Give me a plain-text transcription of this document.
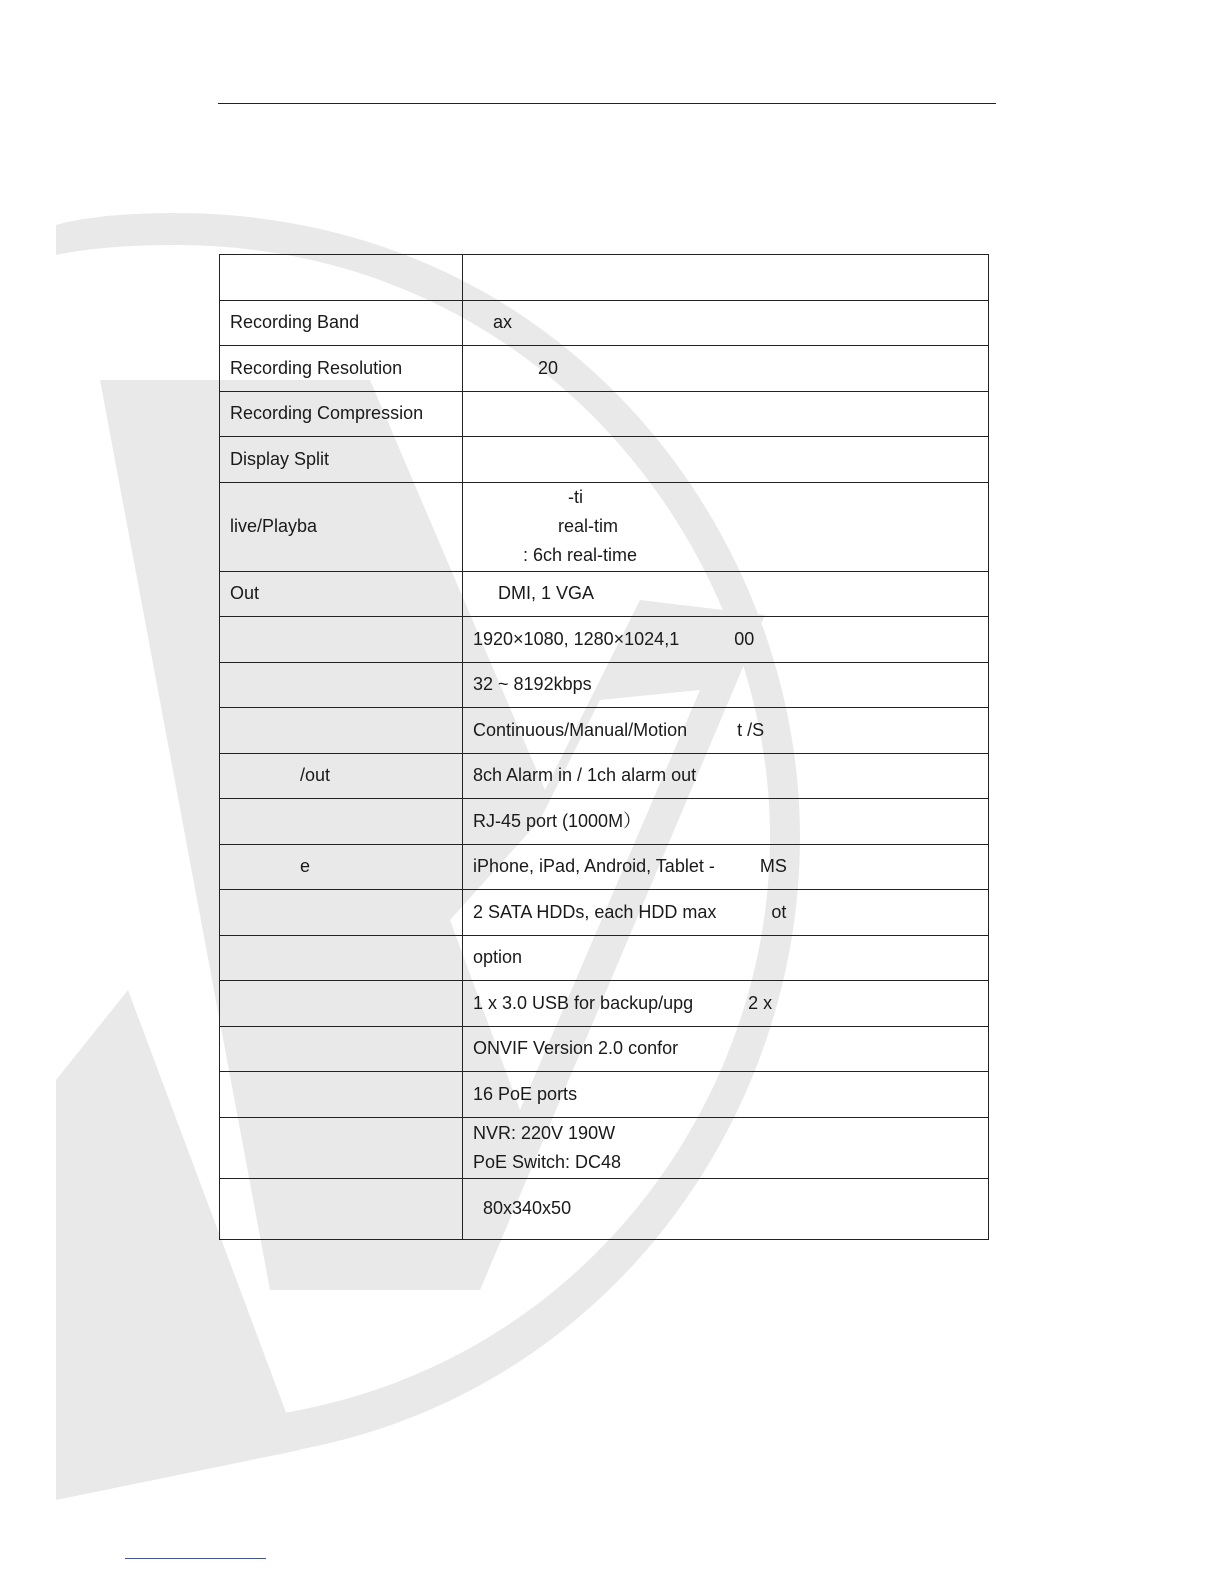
Recording Band	ax
Recording Resolution	20
Recording Compression	
Display Split	
live/Playba	-ti
real-tim
: 6ch real-time

Out	DMI, 1 VGA
	1920×1080, 1280×1024,1           00
	32 ~ 8192kbps
	Continuous/Manual/Motion          t /S
/out	8ch Alarm in / 1ch alarm out
	RJ-45 port (1000M）
e	iPhone, iPad, Android, Tablet -         MS
	2 SATA HDDs, each HDD max           ot
	option
	1 x 3.0 USB for backup/upg           2 x
	ONVIF Version 2.0 confor
	16 PoE ports

	NVR: 220V 190W
PoE Switch: DC48

	80x340x50
